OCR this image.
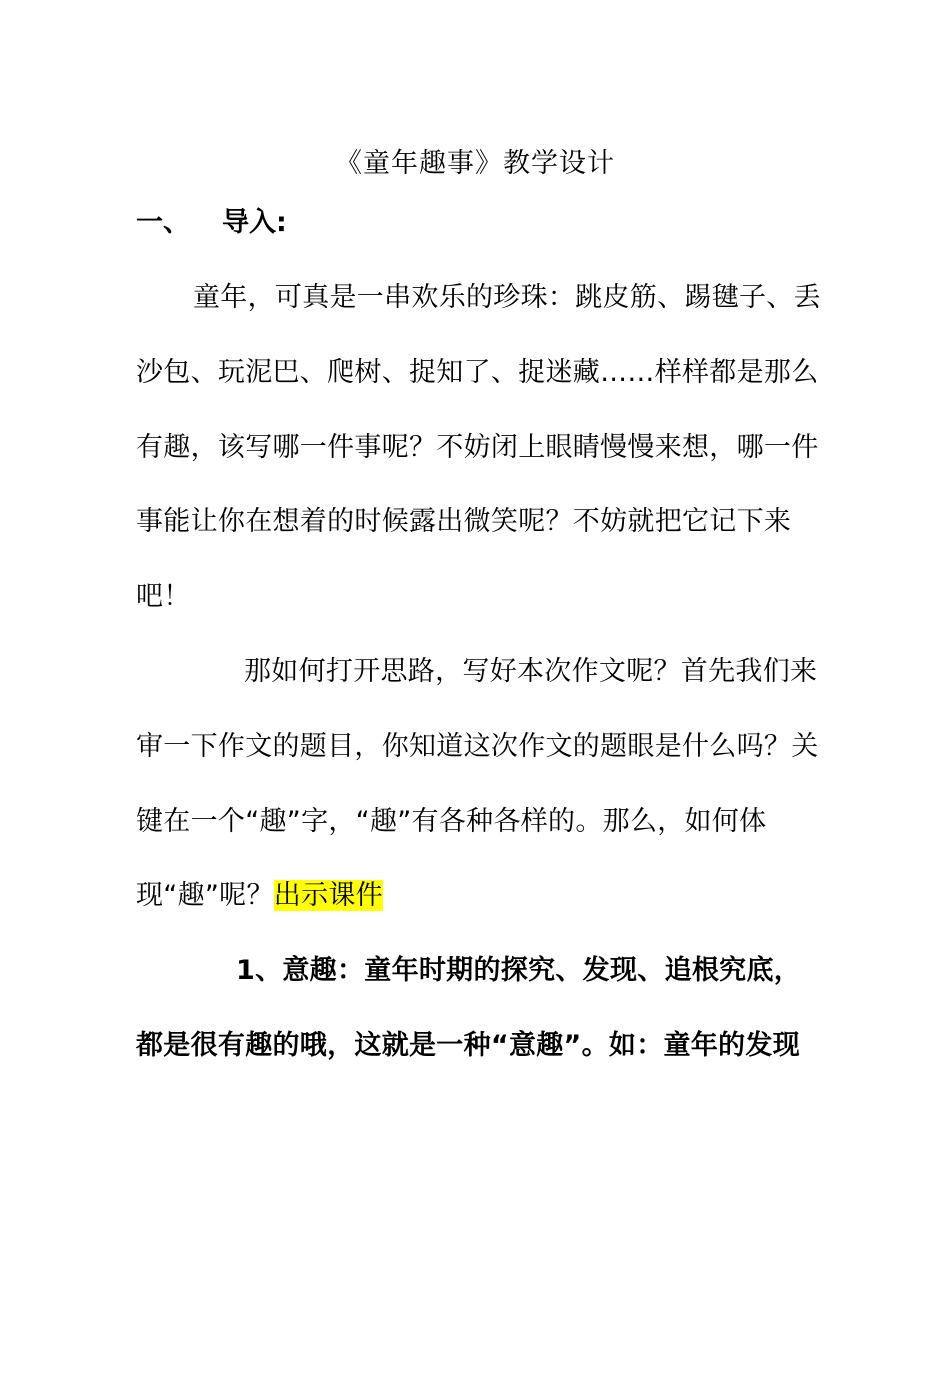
《童年趣事》教学设计
一、 导入:

童年，可真是一串欢乐的珍珠：跳皮筋、踢毽子、丢沙包、玩泥巴、爬树、捉知了、捉迷藏……样样都是那么有趣，该写哪一件事呢？不妨闭上眼睛慢慢来想，哪一件事能让你在想着的时候露出微笑呢？不妨就把它记下来吧！

那如何打开思路，写好本次作文呢？首先我们来审一下作文的题目，你知道这次作文的题眼是什么吗？关键在一个“趣”字，“趣”有各种各样的。那么，如何体现“趣”呢？出示课件

1、意趣：童年时期的探究、发现、追根究底，都是很有趣的哦，这就是一种“意趣”。如：童年的发现
